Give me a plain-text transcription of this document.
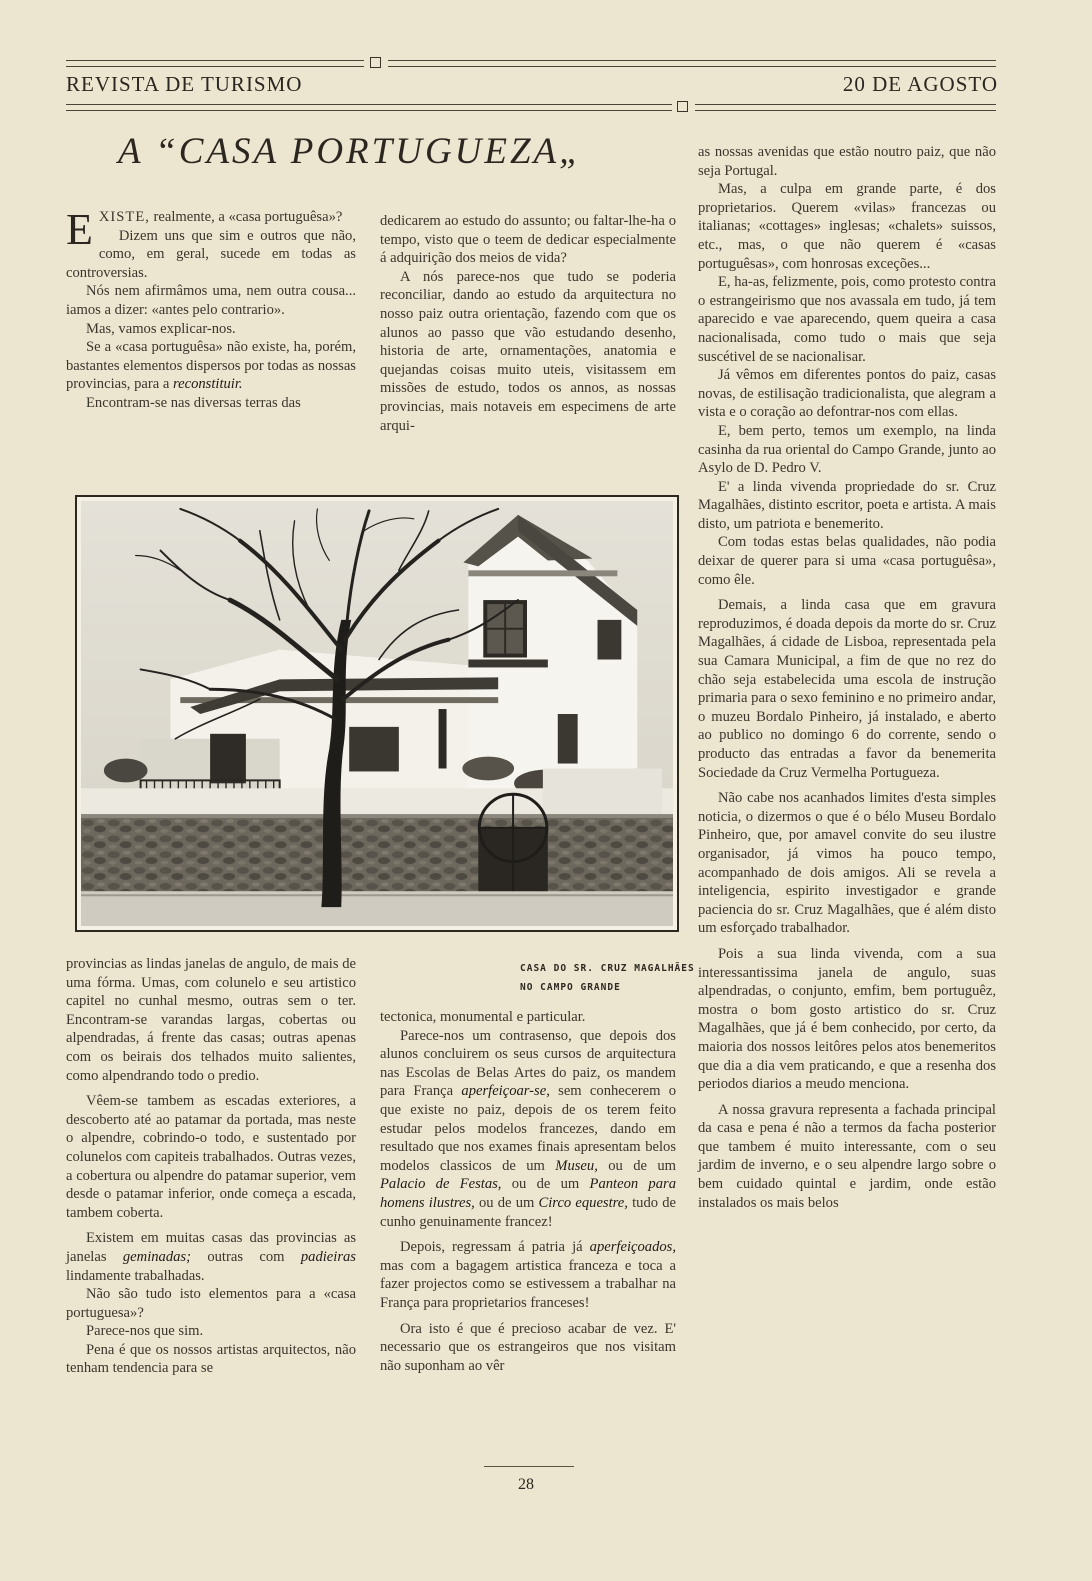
REVISTA DE TURISMO	20 DE AGOSTO
A “CASA PORTUGUEZA„

EXISTE, realmente, a «casa portuguêsa»?

Dizem uns que sim e outros que não, como, em geral, sucede em todas as controversias.

Nós nem afirmâmos uma, nem outra cousa... iamos a dizer: «antes pelo contrario».

Mas, vamos explicar-nos.

Se a «casa portuguêsa» não existe, ha, porém, bastantes elementos dispersos por todas as nossas provincias, para a reconstituir.

Encontram-se nas diversas terras das

dedicarem ao estudo do assunto; ou faltar-lhe-ha o tempo, visto que o teem de dedicar especialmente á adquirição dos meios de vida?

A nós parece-nos que tudo se poderia reconciliar, dando ao estudo da arquitectura no nosso paiz outra orientação, fazendo com que os alunos ao passo que vão estudando desenho, historia de arte, ornamentações, anatomia e quejandas coisas muito uteis, visitassem em missões de estudo, todos os annos, as nossas provincias, mais notaveis em especimens de arte arqui-

CASA DO SR. CRUZ MAGALHÃES
NO CAMPO GRANDE

provincias as lindas janelas de angulo, de mais de uma fórma. Umas, com colunelo e seu artistico capitel no cunhal mesmo, outras sem o ter. Encontram-se varandas largas, cobertas ou alpendradas, á frente das casas; outras apenas com os beirais dos telhados muito salientes, como alpendrando todo o predio.

Vêem-se tambem as escadas exteriores, a descoberto até ao patamar da portada, mas neste o alpendre, cobrindo-o todo, e sustentado por colunelos com capiteis trabalhados. Outras vezes, a cobertura ou alpendre do patamar superior, vem desde o patamar inferior, onde começa a escada, tambem coberta.

Existem em muitas casas das provincias as janelas geminadas; outras com padieiras lindamente trabalhadas.

Não são tudo isto elementos para a «casa portuguesa»?

Parece-nos que sim.

Pena é que os nossos artistas arquitectos, não tenham tendencia para se

tectonica, monumental e particular.

Parece-nos um contrasenso, que depois dos alunos concluirem os seus cursos de arquitectura nas Escolas de Belas Artes do paiz, os mandem para França aperfeiçoar-se, sem conhecerem o que existe no paiz, depois de os terem feito estudar pelos modelos francezes, dando em resultado que nos exames finais apresentam belos modelos classicos de um Museu, ou de um Palacio de Festas, ou de um Panteon para homens ilustres, ou de um Circo equestre, tudo de cunho genuinamente francez!

Depois, regressam á patria já aperfeiçoados, mas com a bagagem artistica franceza e toca a fazer projectos como se estivessem a trabalhar na França para proprietarios franceses!

Ora isto é que é precioso acabar de vez. E' necessario que os estrangeiros que nos visitam não suponham ao vêr

as nossas avenidas que estão noutro paiz, que não seja Portugal.

Mas, a culpa em grande parte, é dos proprietarios. Querem «vilas» francezas ou italianas; «cottages» inglesas; «chalets» suissos, etc., mas, o que não querem é «casas portuguêsas», com honrosas exceções...

E, ha-as, felizmente, pois, como protesto contra o estrangeirismo que nos avassala em tudo, já tem aparecido e vae aparecendo, quem queira a casa nacionalisada, como tudo o mais que seja suscétivel de se nacionalisar.

Já vêmos em diferentes pontos do paiz, casas novas, de estilisação tradicionalista, que alegram a vista e o coração ao defontrar-nos com ellas.

E, bem perto, temos um exemplo, na linda casinha da rua oriental do Campo Grande, junto ao Asylo de D. Pedro V.

E' a linda vivenda propriedade do sr. Cruz Magalhães, distinto escritor, poeta e artista. A mais disto, um patriota e benemerito.

Com todas estas belas qualidades, não podia deixar de querer para si uma «casa portuguêsa», como êle.

Demais, a linda casa que em gravura reproduzimos, é doada depois da morte do sr. Cruz Magalhães, á cidade de Lisboa, representada pela sua Camara Municipal, a fim de que no rez do chão seja estabelecida uma escola de instrução primaria para o sexo feminino e no primeiro andar, o muzeu Bordalo Pinheiro, já instalado, e aberto ao publico no domingo 6 do corrente, sendo o producto das entradas a favor da benemerita Sociedade da Cruz Vermelha Portugueza.

Não cabe nos acanhados limites d'esta simples noticia, o dizermos o que é o bélo Museu Bordalo Pinheiro, que, por amavel convite do seu ilustre organisador, já vimos ha pouco tempo, acompanhado de dois amigos. Ali se revela a inteligencia, espirito investigador e grande paciencia do sr. Cruz Magalhães, que é além disto um esforçado trabalhador.

Pois a sua linda vivenda, com a sua interessantissima janela de angulo, suas alpendradas, o conjunto, emfim, bem portuguêz, mostra o bom gosto artistico do sr. Cruz Magalhães, que já é bem conhecido, por certo, da maioria dos nossos leitôres pelos atos benemeritos que dia a dia vem praticando, e que a resenha dos periodos diarios a meudo menciona.

A nossa gravura representa a fachada principal da casa e pena é não a termos da facha posterior que tambem é muito interessante, com o seu jardim de inverno, e o seu alpendre largo sobre o bem cuidado quintal e jardim, onde estão instalados os mais belos

28
